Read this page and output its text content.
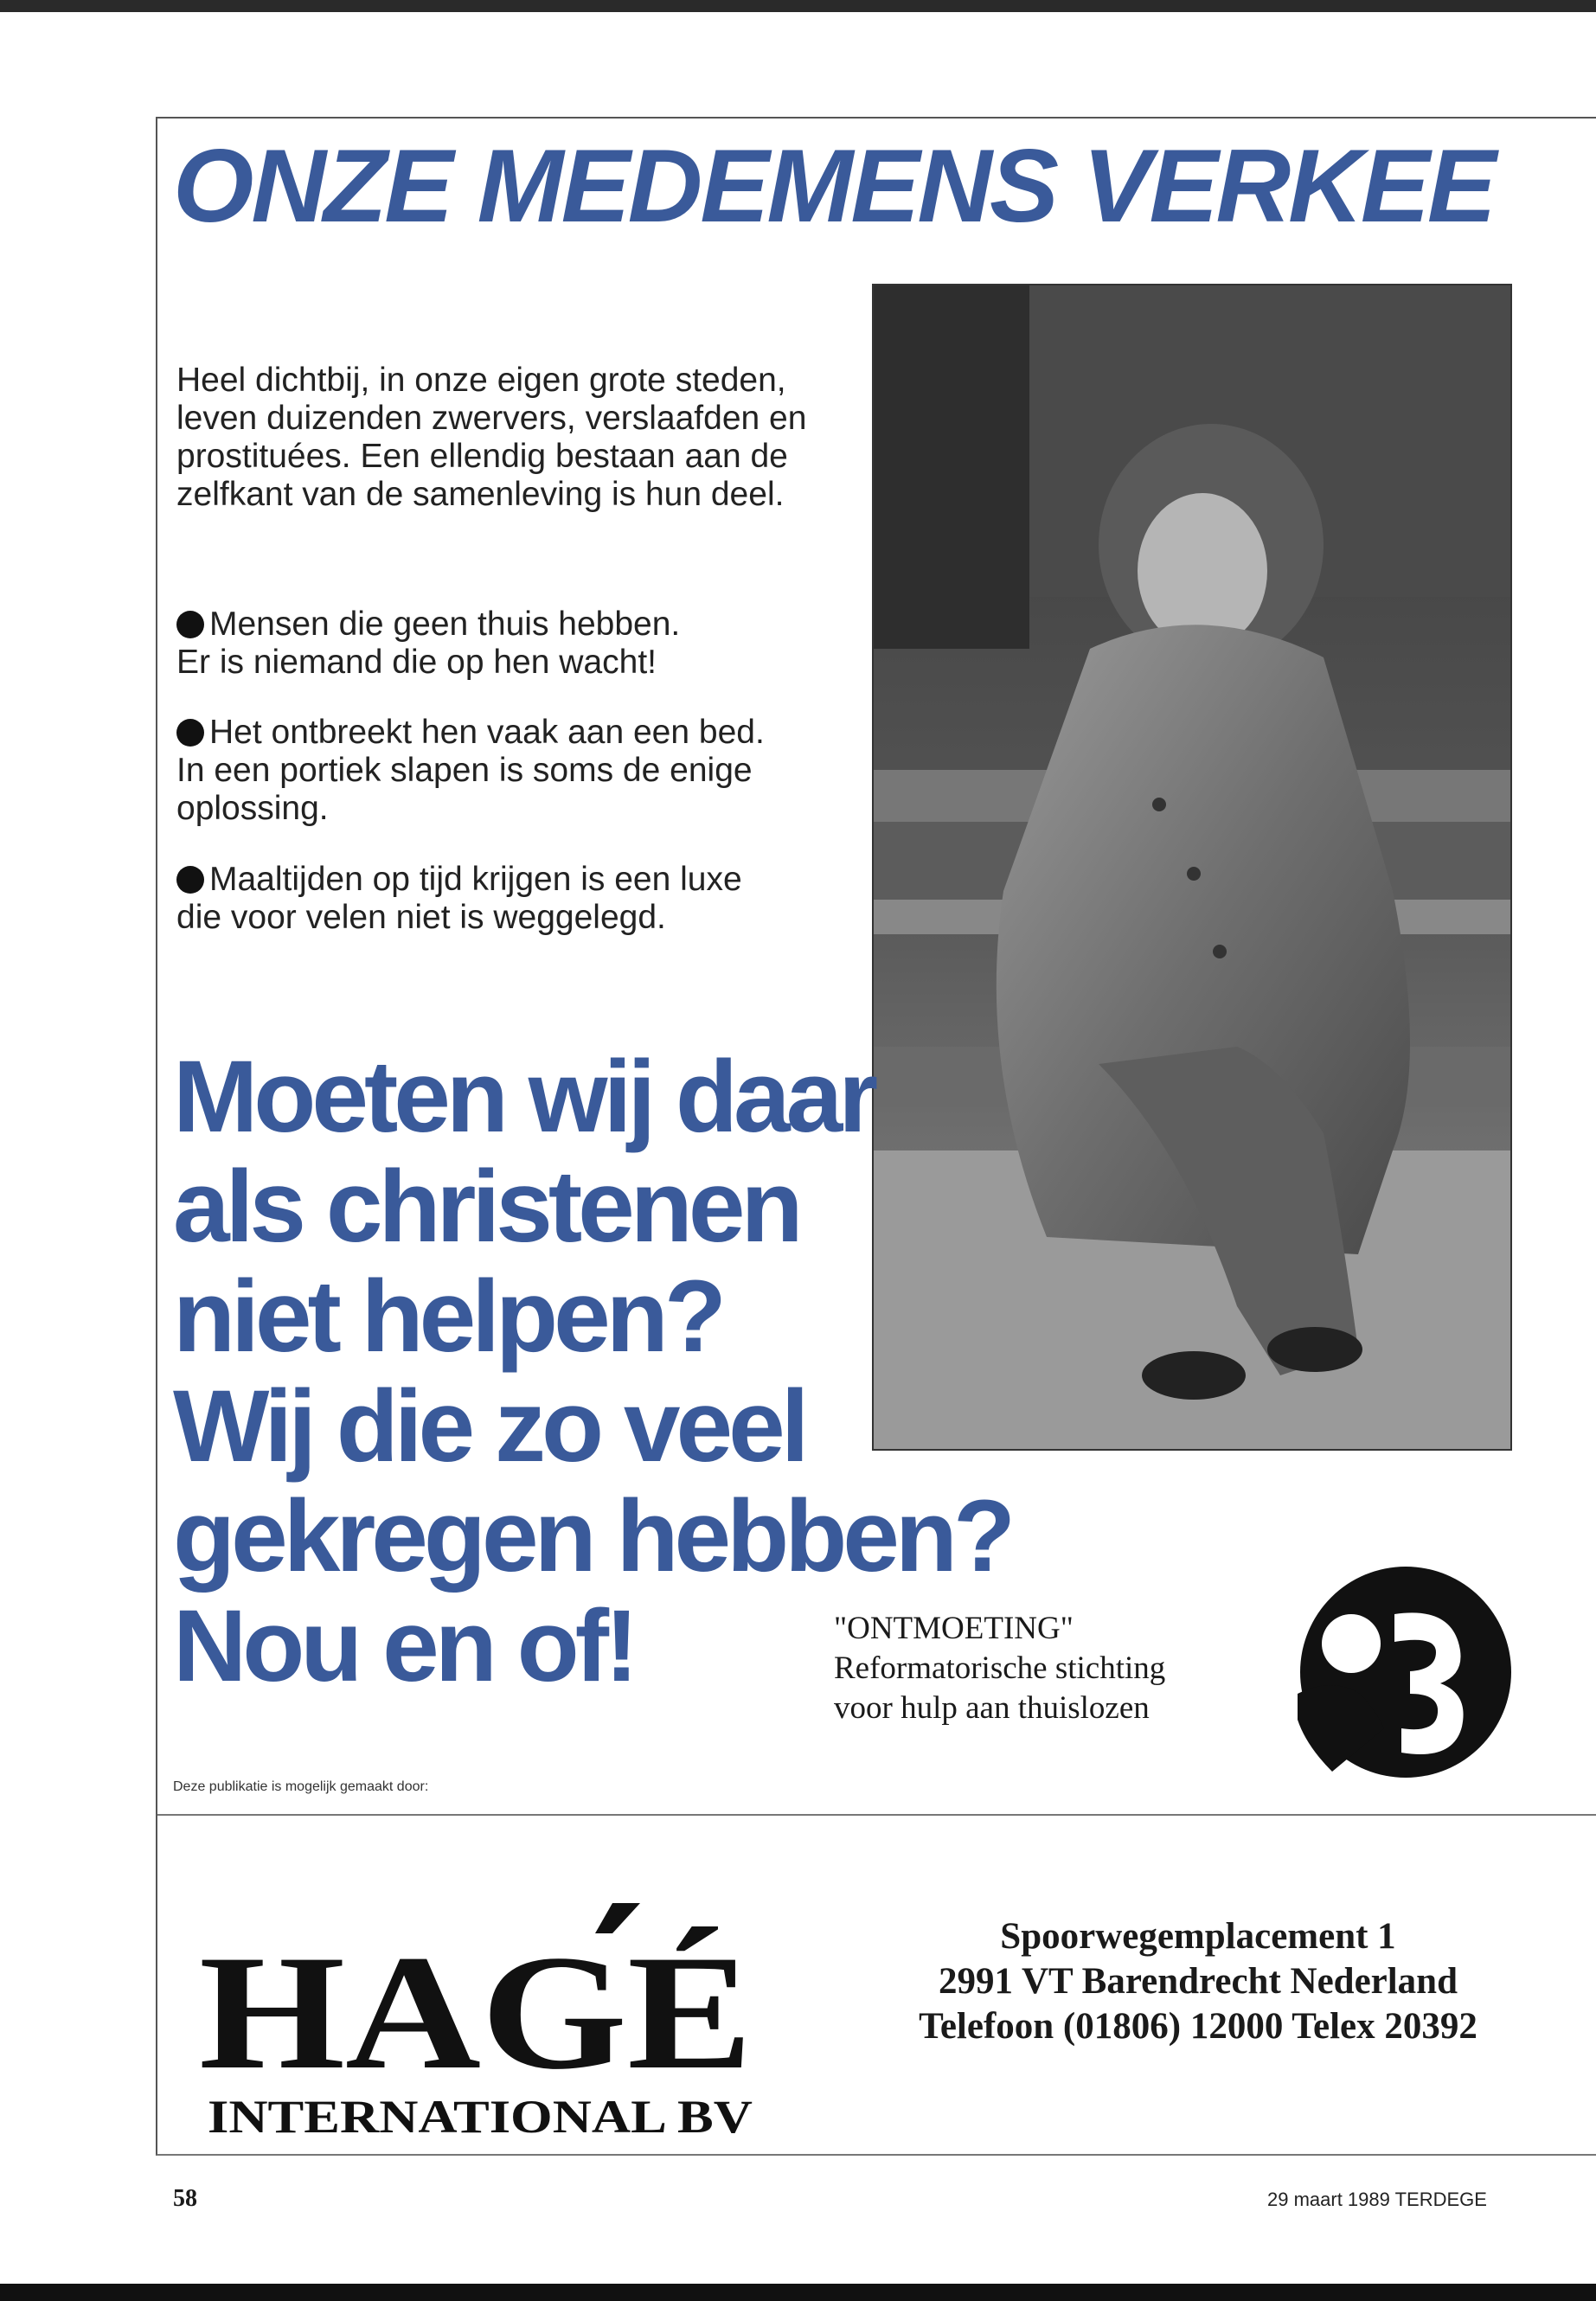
ONZE MEDEMENS VERKEE
Heel dichtbij, in onze eigen grote steden, leven duizenden zwervers, verslaafden en prostituées. Een ellendig bestaan aan de zelfkant van de samenleving is hun deel.
Mensen die geen thuis hebben.
Er is niemand die op hen wacht!
Het ontbreekt hen vaak aan een bed.
In een portiek slapen is soms de enige oplossing.
Maaltijden op tijd krijgen is een luxe
die voor velen niet is weggelegd.
Moeten wij daar
als christenen
niet helpen?
Wij die zo veel
gekregen hebben?
Nou en of!	"ONTMOETING"
Reformatorische stichting
voor hulp aan thuislozen
Deze publikatie is mogelijk gemaakt door:
HAGÉ
INTERNATIONAL BV
Spoorwegemplacement 1
2991 VT Barendrecht Nederland
Telefoon (01806) 12000 Telex 20392
58	29 maart 1989 TERDEGE
